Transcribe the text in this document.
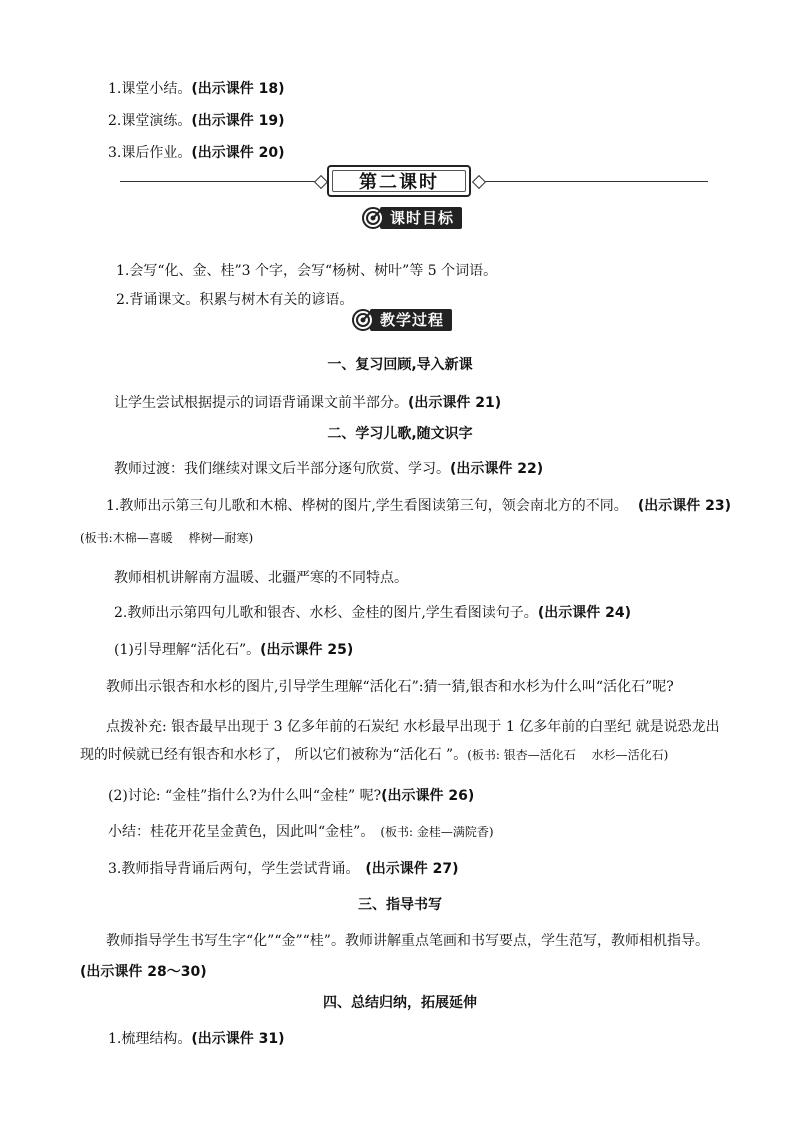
1.课堂小结。(出示课件 18)
2.课堂演练。(出示课件 19)
3.课后作业。(出示课件 20)
第二课时
课时目标
1.会写“化、金、桂”3 个字，会写“杨树、树叶”等 5 个词语。
2.背诵课文。积累与树木有关的谚语。
教学过程
一、复习回顾,导入新课
让学生尝试根据提示的词语背诵课文前半部分。(出示课件 21)
二、学习儿歌,随文识字
教师过渡：我们继续对课文后半部分逐句欣赏、学习。(出示课件 22)
1.教师出示第三句儿歌和木棉、桦树的图片,学生看图读第三句，领会南北方的不同。 (出示课件 23)
(板书:木棉—喜暖　 桦树—耐寒)
教师相机讲解南方温暖、北疆严寒的不同特点。
2.教师出示第四句儿歌和银杏、水杉、金桂的图片,学生看图读句子。(出示课件 24)
(1)引导理解“活化石”。(出示课件 25)
教师出示银杏和水杉的图片,引导学生理解“活化石”:猜一猜,银杏和水杉为什么叫“活化石”呢?
点拨补充: 银杏最早出现于 3 亿多年前的石炭纪 水杉最早出现于 1 亿多年前的白垩纪 就是说恐龙出
现的时候就已经有银杏和水杉了， 所以它们被称为“活化石 ”。(板书: 银杏—活化石　 水杉—活化石)
(2)讨论: “金桂”指什么?为什么叫“金桂” 呢?(出示课件 26)
小结：桂花开花呈金黄色，因此叫“金桂”。 (板书: 金桂—满院香)
3.教师指导背诵后两句，学生尝试背诵。 (出示课件 27)
三、指导书写
教师指导学生书写生字“化”“金”“桂”。教师讲解重点笔画和书写要点，学生范写，教师相机指导。
(出示课件 28～30)
四、总结归纳，拓展延伸
1.梳理结构。(出示课件 31)
